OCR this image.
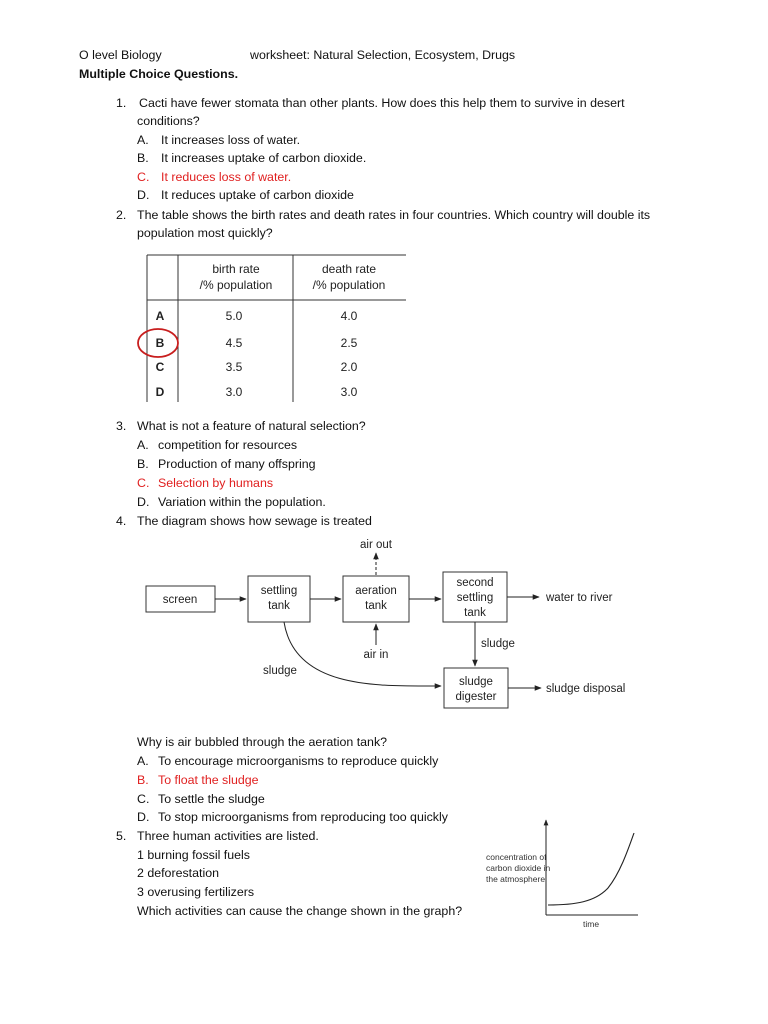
O level Biology	worksheet: Natural Selection, Ecosystem, Drugs
Multiple Choice Questions.
1. Cacti have fewer stomata than other plants. How does this help them to survive in desert
conditions?
A. It increases loss of water.
B. It increases uptake of carbon dioxide.
C. It reduces loss of water.
D. It reduces uptake of carbon dioxide
2. The table shows the birth rates and death rates in four countries. Which country will double its
population most quickly?
birth rate
/% population
death rate
/% population
A	5.0	4.0
B	4.5	2.5
C	3.5	2.0
D	3.0	3.0
3. What is not a feature of natural selection?
A. competition for resources
B. Production of many offspring
C. Selection by humans
D. Variation within the population.
4. The diagram shows how sewage is treated
air out
air in
screen
settling
tank
aeration
tank
second
settling
tank
sludge
digester
sludge
water to river
sludge
sludge disposal
Why is air bubbled through the aeration tank?
A. To encourage microorganisms to reproduce quickly
B. To float the sludge
C. To settle the sludge
D. To stop microorganisms from reproducing too quickly
5. Three human activities are listed.
1 burning fossil fuels
2 deforestation
3 overusing fertilizers
Which activities can cause the change shown in the graph?
concentration of
carbon dioxide in
the atmosphere
time
